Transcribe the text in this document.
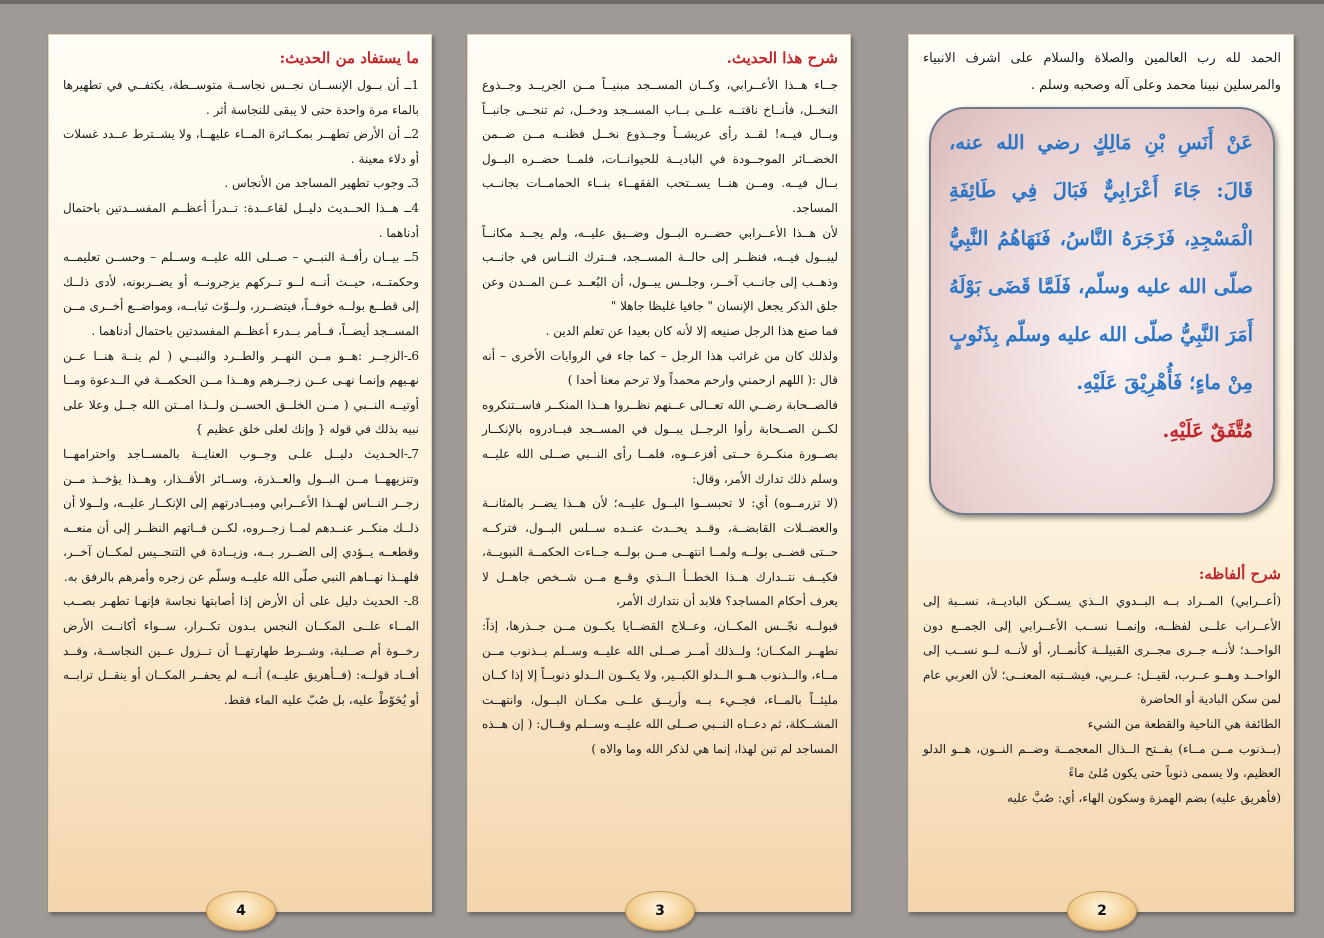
ما يستفاد من الحديث:

1ــ أن بــول الإنســان نجــس نجاســة متوســطة، يكتفــي في تطهيرها بالماء مرة واحدة حتى لا يبقى للنجاسة أثر .

2ــ أن الأرض تطهــر بمكــاثرة المــاء عليهــا، ولا يشــترط عــدد غسلات أو دلاء معينة .

3ـ وجوب تطهير المساجد من الأنجاس .

4ــ هــذا الحــديث دليــل لقاعــدة: تــدرأ أعظــم المفســدتين باحتمال أدناهما .

5ــ بيــان رأفــة النبــي – صــلى الله عليــه وســلم – وحســن تعليمــه وحكمتــه، حيــث أنــه لــو تــركهم يزجرونــه أو يضــربونه، لأدى ذلــك إلى قطــع بولــه خوفــاً، فيتضــرر، ولــوّث ثيابــه، ومواضــع أخــرى مــن المســجد أيضــاً، فــأمر بــدرء أعظــم المفسدتين باحتمال أدناهما .

6ـ-الزجــر :هــو مــن النهــر والطــرد والنبــي ( لم ينــة هنــا عــن نهـيهم وإنمـا نهـى عــن زجــرهم وهــذا مــن الحكمــة في الــدعوة ومــا أوتيــه النــبي ( مــن الخلــق الحســن ولــذا امــتن الله جــل وعلا على نبيه بذلك في قوله { وإنك لعلى خلق عظيم }

7ـ-الحـديث دليــل علـى وجــوب العنايــة بالمســاجد واحترامهــا وتنزيههــا مــن البــول والعــذرة، وســائر الأقــذار، وهــذا يؤخــذ مــن زجــر النــاس لهــذا الأعــرابي ومبــادرتهم إلى الإنكــار عليــه، ولــولا أن ذلــك منكــر عنــدهم لمــا زجــروه، لكــن فــاتهم النظــر إلى أن منعــه وقطعــه يــؤدي إلى الضــرر بــه، وزيــادة في التنجــيس لمكــان آخــر، فلهــذا نهــاهم النبي صلّى الله عليــه وسلّم عن زجره وأمرهم بالرفق به.

8ـ- الحديث دليل على أن الأرض إذا أصابتها نجاسة فإنهـا تطهـر بصــب المــاء علــى المكــان النجس بـدون تكــرار، ســواء أكانــت الأرض رخــوة أم صــلبة، وشــرط طهارتهــا أن تــزول عــين النجاســة، وقــد أفــاد قولــه: (فــأهريق عليــه) أنــه لم يحفــر المكــان أو ينقــل ترابــه أو يُحَوّطْ عليه، بل صُبّ عليه الماء فقط.

4
شرح هذا الحديث.

جــاء هــذا الأعــرابي، وكــان المســجد مبنيــاً مــن الجريــد وجــذوع النخــل، فأنــاخ ناقتــه علــى بــاب المســجد ودخــل، ثم تنحــى جانبــاً وبــال فيــه! لقــد رأى عريشــاً وجــذوع نخــل فظنــه مــن ضــمن الخضــائر الموجــودة في الباديــة للحيوانــات، فلمــا حضــره البــول بــال فيــه. ومــن هنــا يســتحب الفقهــاء بنــاء الحمامــات بجانــب المساجد.

لأن هــذا الأعــرابي حضــره البــول وضــيق عليــه، ولم يجــد مكانــاً ليبــول فيــه، فنظــر إلى حالــة المســجد، فــترك النــاس في جانــب وذهــب إلى جانــب آخــر، وجلــس يبــول، أن البُعــد عــن المــدن وعن جلق الذكر يجعل الإنسان " جافيا غليظا جاهلا "

فما صنع هذا الرجل صنيعه إلا لأنه كان بعيدا عن تعلم الدين .

ولذلك كان من غرائب هذا الرجل – كما جاء في الروايات الأخرى – أنه قال :( اللهم ارحمني وارحم محمداً ولا ترحم معنا أحدا )

فالصــحابة رضــي الله تعــالى عــنهم نظــروا هــذا المنكــر فاســتنكروه لكــن الصــحابة رأوا الرجــل يبــول في المســجد فبــادروه بالإنكــار بصــورة منكــرة حــتى أفزعــوه، فلمــا رأى النــبي صــلى الله عليــه وسلم ذلك تدارك الأمر، وقال:

(لا تزرمــوه) أي: لا تحبســوا البــول عليــه؛ لأن هــذا يضــر بالمثانــة والعضــلات القابضــة، وقــد يحــدث عنــده ســلس البــول، فتركــه حــتى قضــى بولــه ولمــا انتهــى مــن بولــه جــاءت الحكمــة النبويــة، فكيــف نتــدارك هــذا الخطــأ الــذي وقــع مــن شــخص جاهــل لا يعرف أحكام المساجد؟ فلابد أن نتدارك الأمر،

فبولــه نجّــس المكــان، وعــلاج القضــايا يكــون مــن جــذرها، إذاً: نطهــر المكــان؛ ولــذلك أمــر صــلى الله عليــه وســلم بــذنوب مــن مــاء، والــذنوب هــو الــدلو الكبــير، ولا يكــون الــدلو ذنوبــاً إلا إذا كــان مليئــاً بالمــاء، فجــيء بــه وأريــق علــى مكــان البــول، وانتهــت المشــكلة، ثم دعــاه النــبي صــلى الله عليــه وســلم وقــال: ( إن هــذه المساجد لم تبن لهذا، إنما هي لذكر الله وما والاه )

3

الحمد لله رب العالمين والصلاة والسلام على اشرف الانبياء والمرسلين نبينا محمد وعلى آله وصحبه وسلم .

عَنْ أَنَسِ بْنِ مَالِكٍ رضي الله عنه، قَالَ: جَاءَ أَعْرَابِيٌّ فَبَالَ فِي طَائِفَةِ الْمَسْجِدِ، فَزَجَرَهُ النَّاسُ، فَنَهَاهُمُ النَّبِيُّ صلّى الله عليه وسلّم، فَلَمَّا قَضَى بَوْلَهُ أَمَرَ النَّبِيُّ صلّى الله عليه وسلّم بِذَنُوبٍ مِنْ ماءٍ؛ فَأُهْرِيْقَ عَلَيْهِ.
مُتَّفَقٌ عَلَيْهِ.
شرح ألفاظه:

(أعــرابي) المــراد بــه البــدوي الــذي يســكن الباديــة، نســبة إلى الأعــراب علــى لفظــه، وإنمــا نســب الأعــرابي إلى الجمــع دون الواحــد؛ لأنــه جــرى مجــرى القبيلــة كأنمــار، أو لأنــه لــو نســب إلى الواحــد وهــو عــرب، لقيــل: عــربي، فيشــتبه المعنــى؛ لأن العربي عام لمن سكن البادية أو الحاضرة

الطائفة هي الناحية والقطعة من الشيء

(بــذنوب مــن مــاء) بفــتح الــذال المعجمــة وضــم النــون، هــو الدلو العظيم، ولا يسمى ذنوباً حتى يكون مُلئ ماءً

(فأهريق عليه) بضم الهمزة وسكون الهاء، أي: صُبَّ عليه

2
